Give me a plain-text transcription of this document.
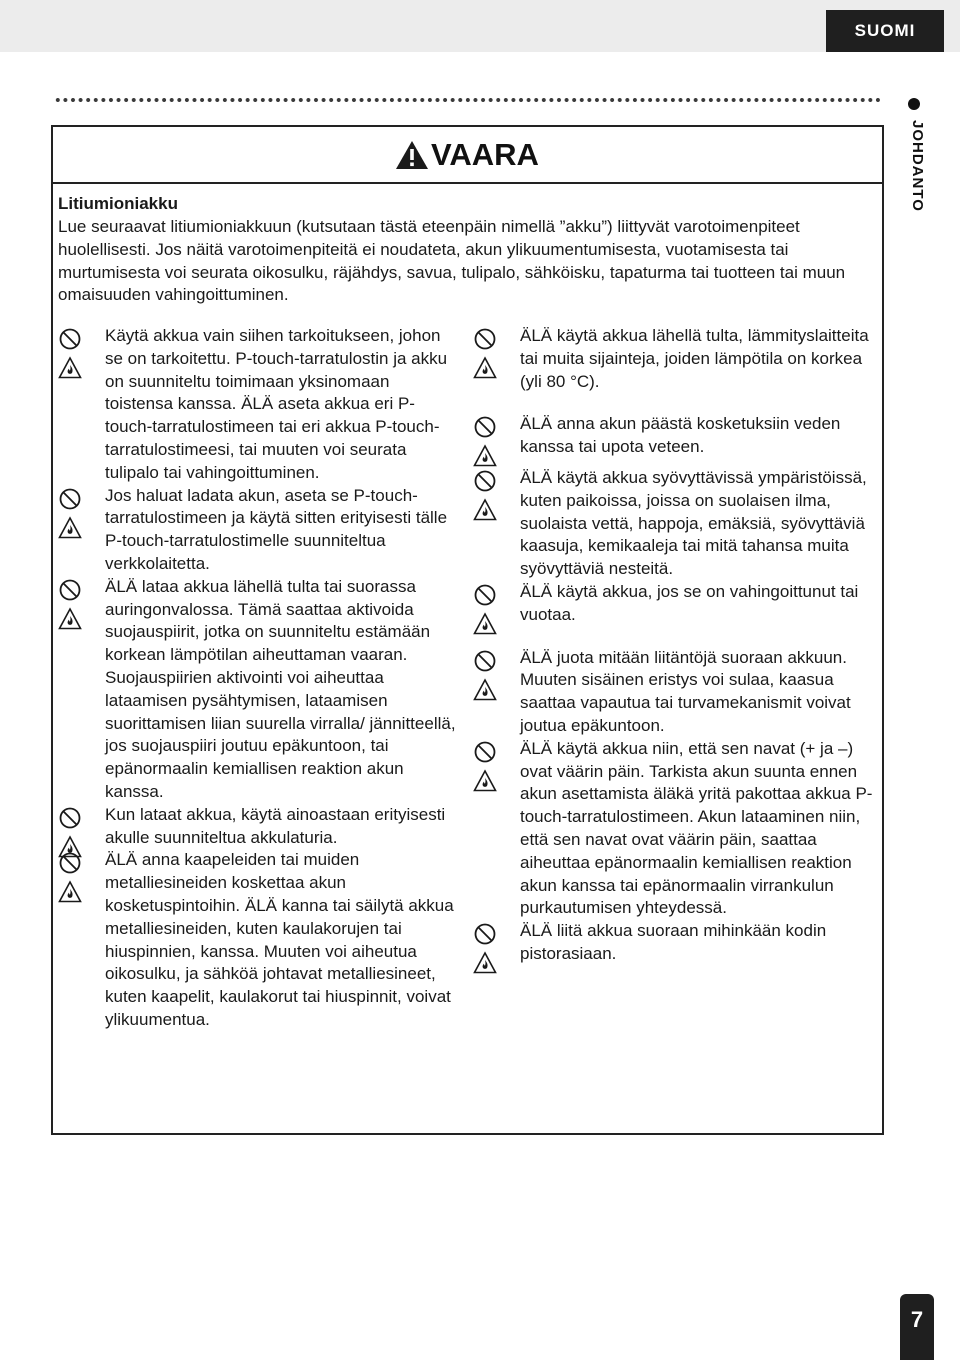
SUOMI
JOHDANTO
VAARA
Litiumioniakku
Lue seuraavat litiumioniakkuun (kutsutaan tästä eteenpäin nimellä ”akku”) liittyvät varotoimenpiteet huolellisesti. Jos näitä varotoimenpiteitä ei noudateta, akun ylikuumentumisesta, vuotamisesta tai murtumisesta voi seurata oikosulku, räjähdys, savua, tulipalo, sähköisku, tapaturma tai tuotteen tai muun omaisuuden vahingoittuminen.
Käytä akkua vain siihen tarkoitukseen, johon se on tarkoitettu. P-touch-tarratulostin ja akku on suunniteltu toimimaan yksinomaan toistensa kanssa. ÄLÄ aseta akkua eri P-touch-tarratulostimeen tai eri akkua P-touch-tarratulostimeesi, tai muuten voi seurata tulipalo tai vahingoittuminen.
Jos haluat ladata akun, aseta se P-touch-tarratulostimeen ja käytä sitten erityisesti tälle P-touch-tarratulostimelle suunniteltua verkkolaitetta.
ÄLÄ lataa akkua lähellä tulta tai suorassa auringonvalossa. Tämä saattaa aktivoida suojauspiirit, jotka on suunniteltu estämään korkean lämpötilan aiheuttaman vaaran. Suojauspiirien aktivointi voi aiheuttaa lataamisen pysähtymisen, lataamisen suorittamisen liian suurella virralla/ jännitteellä, jos suojauspiiri joutuu epäkuntoon, tai epänormaalin kemiallisen reaktion akun kanssa.
Kun lataat akkua, käytä ainoastaan erityisesti akulle suunniteltua akkulaturia.
ÄLÄ anna kaapeleiden tai muiden metalliesineiden koskettaa akun kosketuspintoihin. ÄLÄ kanna tai säilytä akkua metalliesineiden, kuten kaulakorujen tai hiuspinnien, kanssa. Muuten voi aiheutua oikosulku, ja sähköä johtavat metalliesineet, kuten kaapelit, kaulakorut tai hiuspinnit, voivat ylikuumentua.
ÄLÄ käytä akkua lähellä tulta, lämmityslaitteita tai muita sijainteja, joiden lämpötila on korkea (yli 80 °C).
ÄLÄ anna akun päästä kosketuksiin veden kanssa tai upota veteen.
ÄLÄ käytä akkua syövyttävissä ympäristöissä, kuten paikoissa, joissa on suolaisen ilma, suolaista vettä, happoja, emäksiä, syövyttäviä kaasuja, kemikaaleja tai mitä tahansa muita syövyttäviä nesteitä.
ÄLÄ käytä akkua, jos se on vahingoittunut tai vuotaa.
ÄLÄ juota mitään liitäntöjä suoraan akkuun. Muuten sisäinen eristys voi sulaa, kaasua saattaa vapautua tai turvamekanismit voivat joutua epäkuntoon.
ÄLÄ käytä akkua niin, että sen navat (+ ja –) ovat väärin päin. Tarkista akun suunta ennen akun asettamista äläkä yritä pakottaa akkua P-touch-tarratulostimeen. Akun lataaminen niin, että sen navat ovat väärin päin, saattaa aiheuttaa epänormaalin kemiallisen reaktion akun kanssa tai epänormaalin virrankulun purkautumisen yhteydessä.
ÄLÄ liitä akkua suoraan mihinkään kodin pistorasiaan.
7
